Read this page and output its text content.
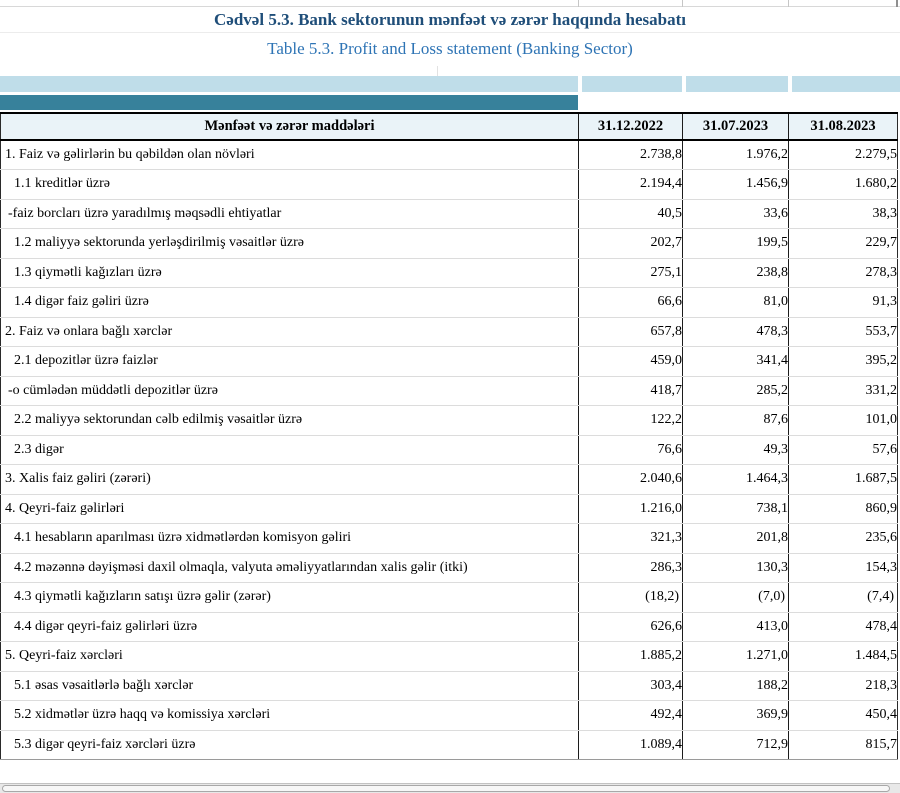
Cədvəl 5.3. Bank sektorunun mənfəət və zərər haqqında hesabatı
Table 5.3. Profit and Loss statement (Banking Sector)
Mənfəət və zərər maddələri	31.12.2022	31.07.2023	31.08.2023
1. Faiz və gəlirlərin bu qəbildən olan növləri	2.738,8	1.976,2	2.279,5
1.1 kreditlər üzrə	2.194,4	1.456,9	1.680,2
-faiz borcları üzrə yaradılmış məqsədli ehtiyatlar	40,5	33,6	38,3
1.2 maliyyə sektorunda yerləşdirilmiş vəsaitlər üzrə	202,7	199,5	229,7
1.3 qiymətli kağızları üzrə	275,1	238,8	278,3
1.4 digər faiz gəliri üzrə	66,6	81,0	91,3
2. Faiz və onlara bağlı xərclər	657,8	478,3	553,7
2.1 depozitlər üzrə faizlər	459,0	341,4	395,2
-o cümlədən müddətli depozitlər üzrə	418,7	285,2	331,2
2.2 maliyyə sektorundan cəlb edilmiş vəsaitlər üzrə	122,2	87,6	101,0
2.3 digər	76,6	49,3	57,6
3. Xalis faiz gəliri (zərəri)	2.040,6	1.464,3	1.687,5
4. Qeyri-faiz gəlirləri	1.216,0	738,1	860,9
4.1 hesabların aparılması üzrə xidmətlərdən komisyon gəliri	321,3	201,8	235,6
4.2 məzənnə dəyişməsi daxil olmaqla, valyuta əməliyyatlarından xalis gəlir (itki)	286,3	130,3	154,3
4.3 qiymətli kağızların satışı üzrə gəlir (zərər)	(18,2)	(7,0)	(7,4)
4.4 digər qeyri-faiz gəlirləri üzrə	626,6	413,0	478,4
5. Qeyri-faiz xərcləri	1.885,2	1.271,0	1.484,5
5.1 əsas vəsaitlərlə bağlı xərclər	303,4	188,2	218,3
5.2 xidmətlər üzrə haqq və komissiya xərcləri	492,4	369,9	450,4
5.3 digər qeyri-faiz xərcləri üzrə	1.089,4	712,9	815,7
